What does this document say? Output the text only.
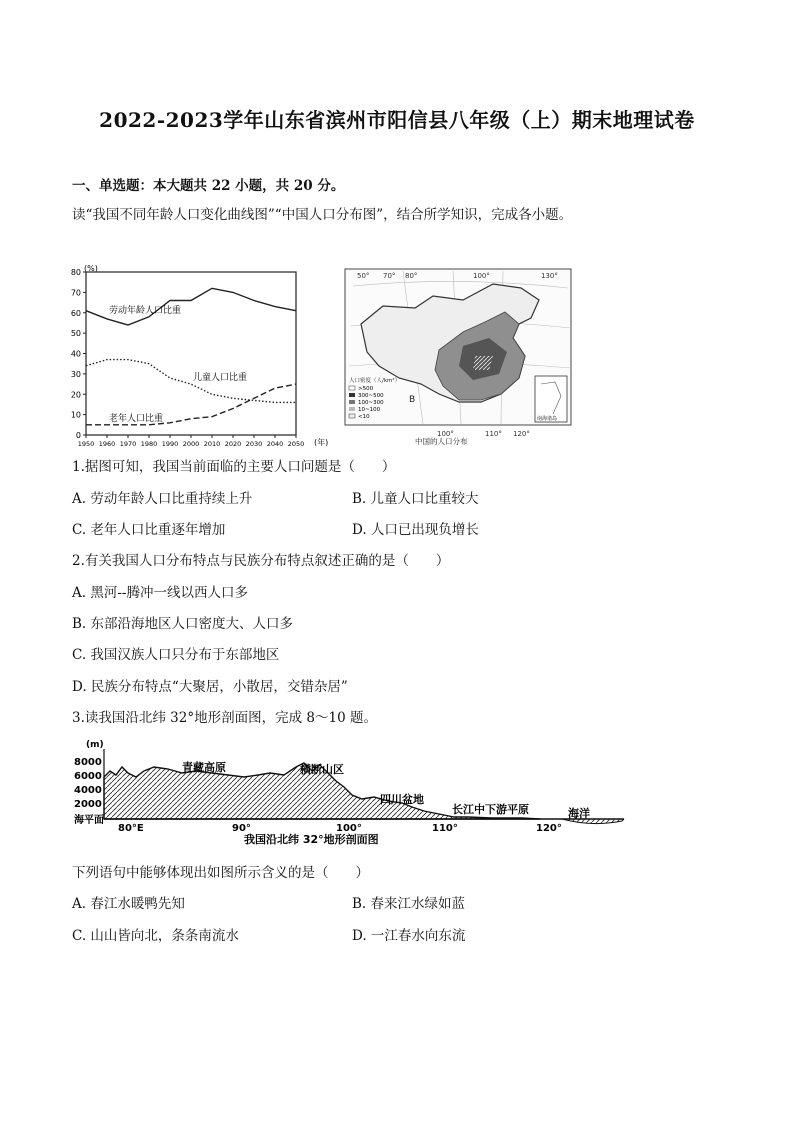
2022-2023学年山东省滨州市阳信县八年级（上）期末地理试卷
一、单选题：本大题共 22 小题，共 20 分。
读“我国不同年龄人口变化曲线图”“中国人口分布图”，结合所学知识，完成各小题。
(%)
0
10
20
30
40
50
60
70
80
劳动年龄人口比重
儿童人口比重
老年人口比重
1950 1960 1970 1980 1990 2000 2010 2020 2030 2040 2050 (年)
50° 70° 80°	100°	130°
B
人口密度（人/km²）
>500
300~500
100~300
10~100
<10	南海诸岛
100°	110° 120°
中国的人口分布
1.据图可知，我国当前面临的主要人口问题是（　　）
A. 劳动年龄人口比重持续上升	B. 儿童人口比重较大
C. 老年人口比重逐年增加	D. 人口已出现负增长
2.有关我国人口分布特点与民族分布特点叙述正确的是（　　）
A. 黑河--腾冲一线以西人口多
B. 东部沿海地区人口密度大、人口多
C. 我国汉族人口只分布于东部地区
D. 民族分布特点“大聚居，小散居，交错杂居”
3.读我国沿北纬 32°地形剖面图，完成 8～10 题。
(m)
8000
6000
4000
2000
海平面
青藏高原	横断山区
四川盆地
长江中下游平原	海洋
80°E	90°	100°	110°	120°
我国沿北纬 32°地形剖面图
下列语句中能够体现出如图所示含义的是（　　）
A. 春江水暖鸭先知	B. 春来江水绿如蓝
C. 山山皆向北，条条南流水	D. 一江春水向东流
